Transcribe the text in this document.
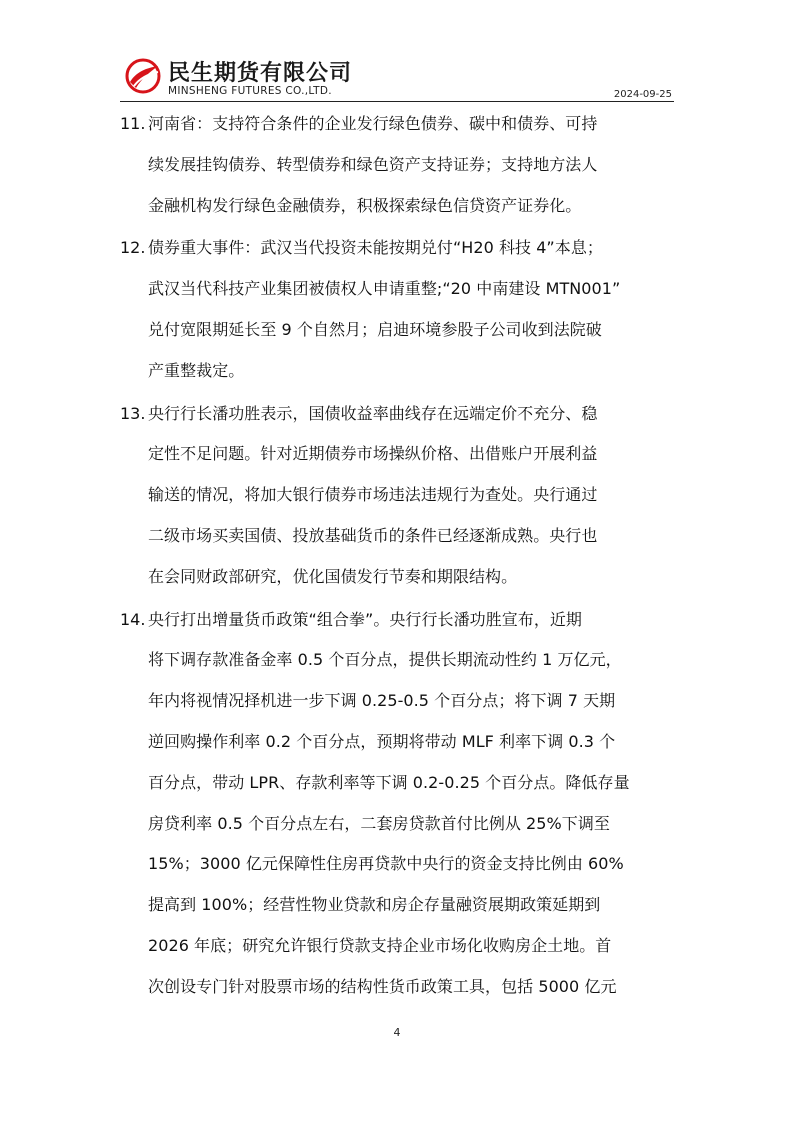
民生期货有限公司
MINSHENG FUTURES CO.,LTD.	2024-09-25
11. 河南省：支持符合条件的企业发行绿色债券、碳中和债券、可持
续发展挂钩债券、转型债券和绿色资产支持证券；支持地方法人
金融机构发行绿色金融债券，积极探索绿色信贷资产证券化。
12. 债券重大事件：武汉当代投资未能按期兑付“H20 科技 4”本息；
武汉当代科技产业集团被债权人申请重整;“20 中南建设 MTN001”
兑付宽限期延长至 9 个自然月；启迪环境参股子公司收到法院破
产重整裁定。
13. 央行行长潘功胜表示，国债收益率曲线存在远端定价不充分、稳
定性不足问题。针对近期债券市场操纵价格、出借账户开展利益
输送的情况，将加大银行债券市场违法违规行为查处。央行通过
二级市场买卖国债、投放基础货币的条件已经逐渐成熟。央行也
在会同财政部研究，优化国债发行节奏和期限结构。
14. 央行打出增量货币政策“组合拳”。央行行长潘功胜宣布，近期
将下调存款准备金率 0.5 个百分点，提供长期流动性约 1 万亿元，
年内将视情况择机进一步下调 0.25-0.5 个百分点；将下调 7 天期
逆回购操作利率 0.2 个百分点，预期将带动 MLF 利率下调 0.3 个
百分点，带动 LPR、存款利率等下调 0.2-0.25 个百分点。降低存量
房贷利率 0.5 个百分点左右，二套房贷款首付比例从 25%下调至
15%；3000 亿元保障性住房再贷款中央行的资金支持比例由 60%
提高到 100%；经营性物业贷款和房企存量融资展期政策延期到
2026 年底；研究允许银行贷款支持企业市场化收购房企土地。首
次创设专门针对股票市场的结构性货币政策工具，包括 5000 亿元
4
